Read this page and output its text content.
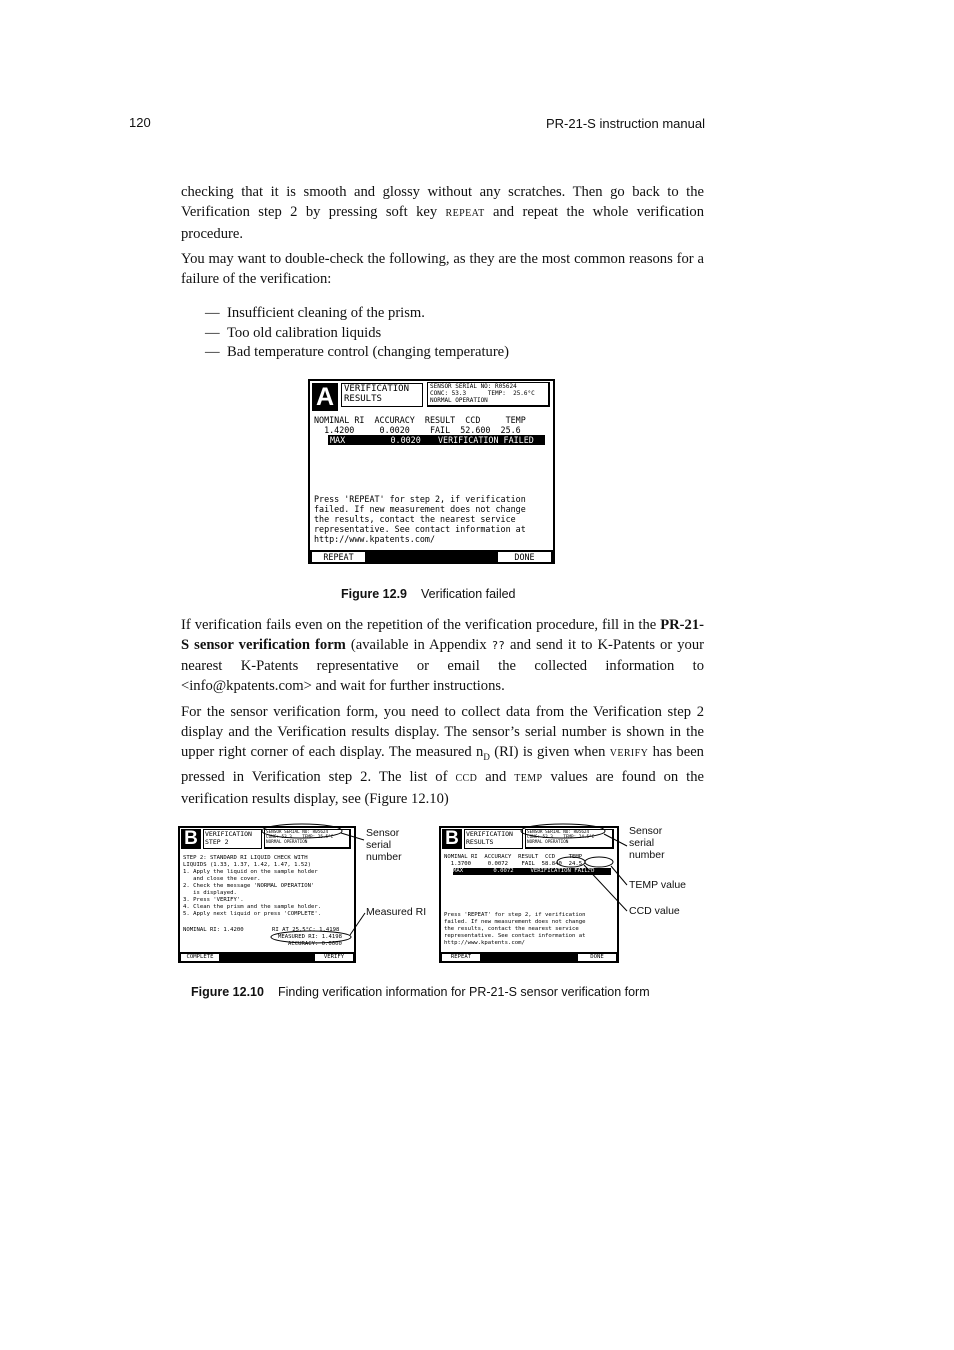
120	PR-21-S instruction manual

checking that it is smooth and glossy without any scratches. Then go back to the Verification step 2 by pressing soft key REPEAT and repeat the whole verification procedure.

You may want to double-check the following, as they are the most common reasons for a failure of the verification:

— Insufficient cleaning of the prism.
— Too old calibration liquids
— Bad temperature control (changing temperature)
A	VERIFICATION
RESULTS
SENSOR SERIAL NO: R05624
CONC: 53.3      TEMP:  25.6°C
NORMAL OPERATION
NOMINAL RI  ACCURACY  RESULT  CCD     TEMP
1.4200     0.0020    FAIL  52.600  25.6
MAX         0.0020 VERIFICATION FAILED
Press 'REPEAT' for step 2, if verification
failed. If new measurement does not change
the results, contact the nearest service
representative. See contact information at
http://www.kpatents.com/
REPEAT	DONE
Figure 12.9 Verification failed

If verification fails even on the repetition of the verification procedure, fill in the PR-21-S sensor verification form (available in Appendix ?? and send it to K-Patents or your nearest K-Patents representative or email the collected information to <info@kpatents.com> and wait for further instructions.

For the sensor verification form, you need to collect data from the Verification step 2 display and the Verification results display. The sensor’s serial number is shown in the upper right corner of each display. The measured $n_D$ (RI) is given when VERIFY has been pressed in Verification step 2. The list of CCD and TEMP values are found on the verification results display, see (Figure 12.10)

B	VERIFICATION
STEP 2
SENSOR SERIAL NO: R05624
CONC: 53.3    TEMP: 25.5°C
NORMAL OPERATION
STEP 2: STANDARD RI LIQUID CHECK WITH
LIQUIDS (1.33, 1.37, 1.42, 1.47, 1.52)
1. Apply the liquid on the sample holder
and close the cover.
2. Check the message 'NORMAL OPERATION'
is displayed.
3. Press 'VERIFY'.
4. Clean the prism and the sample holder.
5. Apply next liquid or press 'COMPLETE'.
NOMINAL RI: 1.4200	RI AT 25.5°C: 1.4198
MEASURED RI: 1.4198
ACCURACY: 0.0000
COMPLETE	VERIFY
Sensor
serial
number
Measured RI
B	VERIFICATION
RESULTS
SENSOR SERIAL NO: R05624
CONC: 53.3    TEMP: 24.5°C
NORMAL OPERATION
NOMINAL RI  ACCURACY  RESULT  CCD    TEMP
1.3700     0.0072    FAIL  58.840  24.5
MAX         0.0072     VERIFICATION FAILED
Press 'REPEAT' for step 2, if verification
failed. If new measurement does not change
the results, contact the nearest service
representative. See contact information at
http://www.kpatents.com/
REPEAT	DONE
Sensor
serial
number
TEMP value
CCD value
Figure 12.10 Finding verification information for PR-21-S sensor verification form
